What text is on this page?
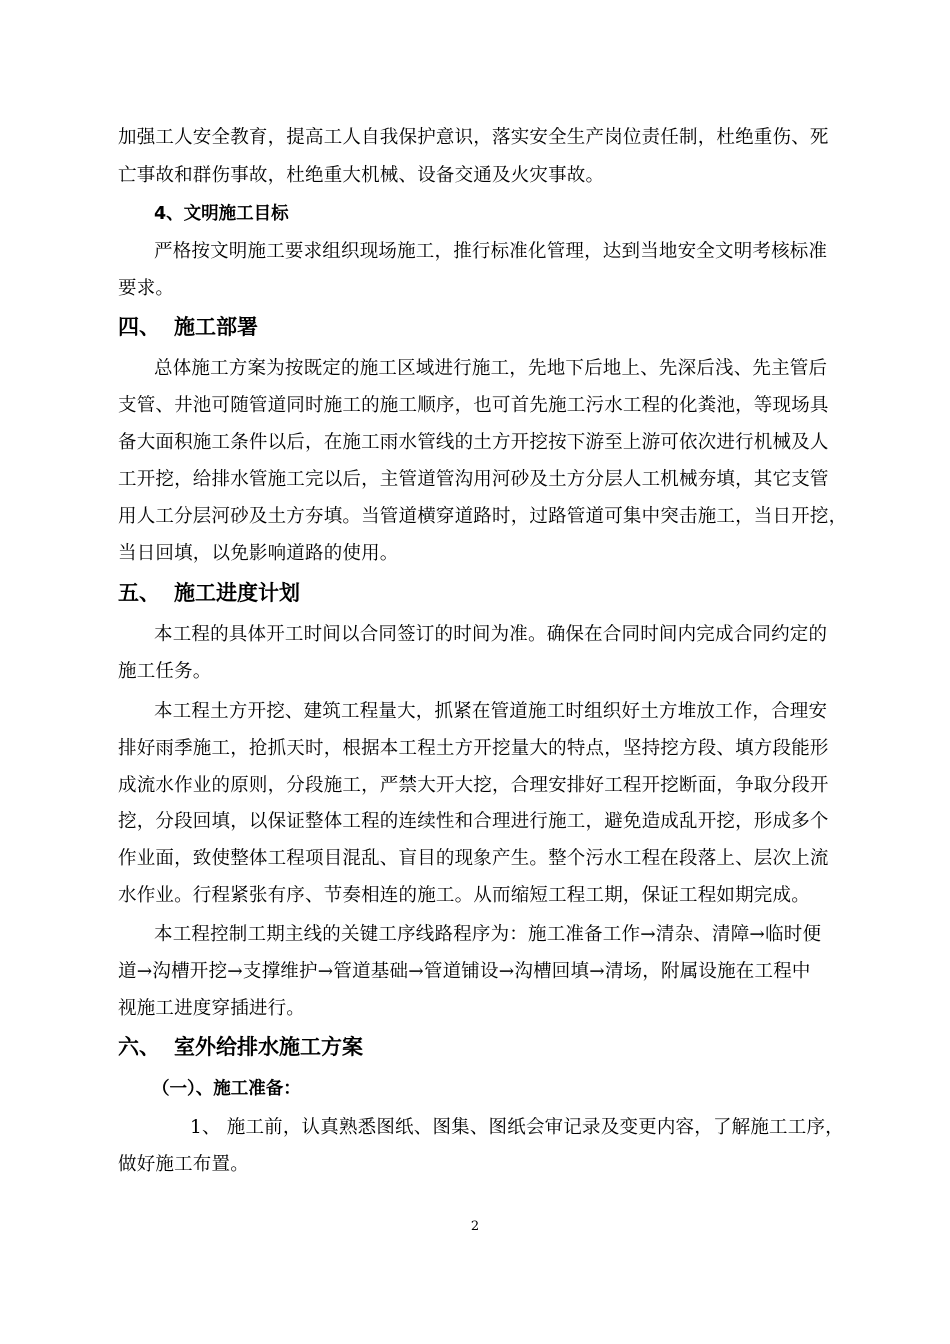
加强工人安全教育，提高工人自我保护意识，落实安全生产岗位责任制，杜绝重伤、死
亡事故和群伤事故，杜绝重大机械、设备交通及火灾事故。
4、文明施工目标
严格按文明施工要求组织现场施工，推行标准化管理，达到当地安全文明考核标准
要求。
四、 施工部署
总体施工方案为按既定的施工区域进行施工，先地下后地上、先深后浅、先主管后
支管、井池可随管道同时施工的施工顺序，也可首先施工污水工程的化粪池，等现场具
备大面积施工条件以后，在施工雨水管线的土方开挖按下游至上游可依次进行机械及人
工开挖，给排水管施工完以后，主管道管沟用河砂及土方分层人工机械夯填，其它支管
用人工分层河砂及土方夯填。当管道横穿道路时，过路管道可集中突击施工，当日开挖，
当日回填，以免影响道路的使用。
五、 施工进度计划
本工程的具体开工时间以合同签订的时间为准。确保在合同时间内完成合同约定的
施工任务。
本工程土方开挖、建筑工程量大，抓紧在管道施工时组织好土方堆放工作，合理安
排好雨季施工，抢抓天时，根据本工程土方开挖量大的特点，坚持挖方段、填方段能形
成流水作业的原则，分段施工，严禁大开大挖，合理安排好工程开挖断面，争取分段开
挖，分段回填，以保证整体工程的连续性和合理进行施工，避免造成乱开挖，形成多个
作业面，致使整体工程项目混乱、盲目的现象产生。整个污水工程在段落上、层次上流
水作业。行程紧张有序、节奏相连的施工。从而缩短工程工期，保证工程如期完成。
本工程控制工期主线的关键工序线路程序为：施工准备工作→清杂、清障→临时便
道→沟槽开挖→支撑维护→管道基础→管道铺设→沟槽回填→清场，附属设施在工程中
视施工进度穿插进行。
六、 室外给排水施工方案
（一）、施工准备：
1、 施工前，认真熟悉图纸、图集、图纸会审记录及变更内容，了解施工工序，
做好施工布置。
2
